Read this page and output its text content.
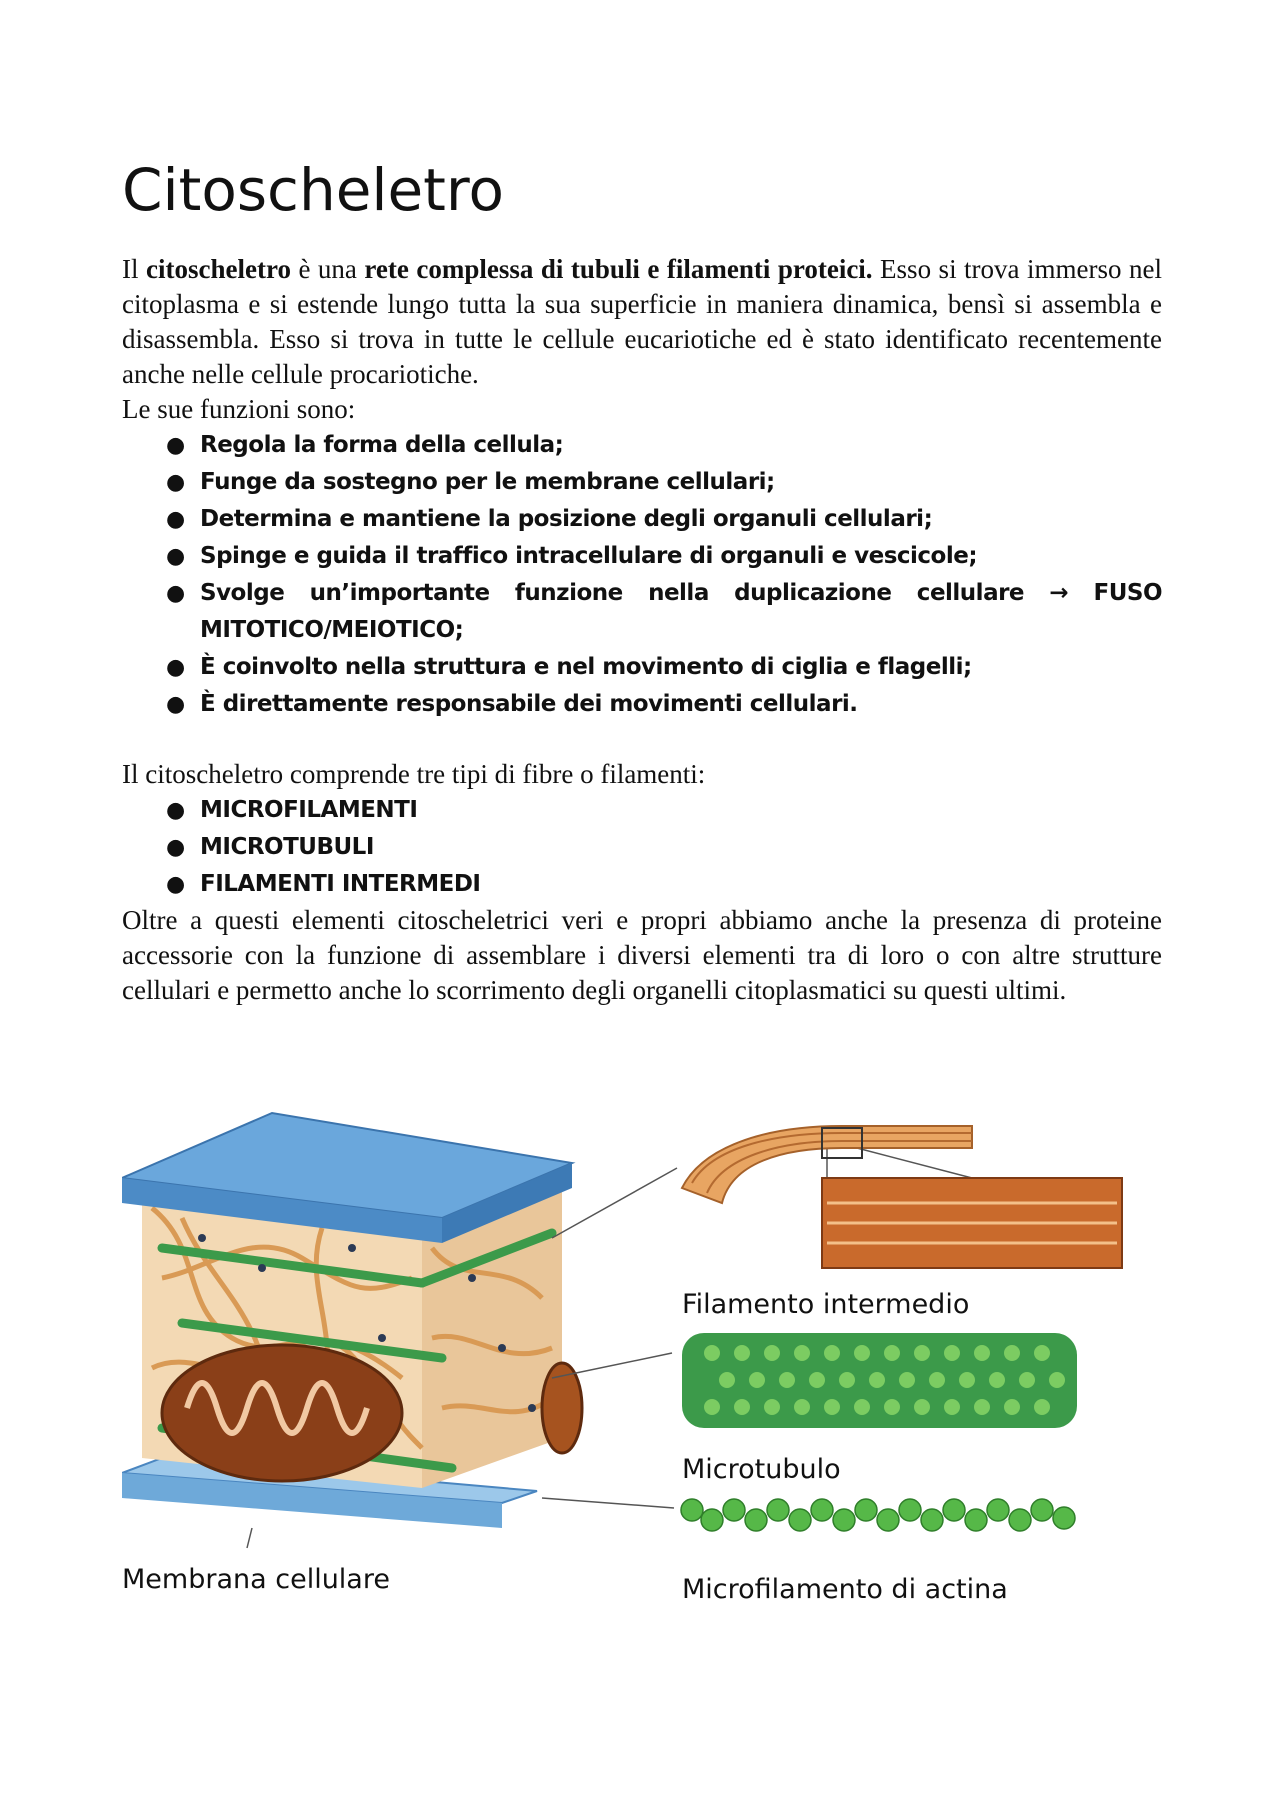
Citoscheletro

Il citoscheletro è una rete complessa di tubuli e filamenti proteici. Esso si trova immerso nel citoplasma e si estende lungo tutta la sua superficie in maniera dinamica, bensì si assembla e disassembla. Esso si trova in tutte le cellule eucariotiche ed è stato identificato recentemente anche nelle cellule procariotiche.

Le sue funzioni sono:

● Regola la forma della cellula;
● Funge da sostegno per le membrane cellulari;
● Determina e mantiene la posizione degli organuli cellulari;
● Spinge e guida il traffico intracellulare di organuli e vescicole;
● Svolge un’importante funzione nella duplicazione cellulare → FUSO MITOTICO/MEIOTICO;
● È coinvolto nella struttura e nel movimento di ciglia e flagelli;
● È direttamente responsabile dei movimenti cellulari.

Il citoscheletro comprende tre tipi di fibre o filamenti:

● MICROFILAMENTI
● MICROTUBULI
● FILAMENTI INTERMEDI

Oltre a questi elementi citoscheletrici veri e propri abbiamo anche la presenza di proteine accessorie con la funzione di assemblare i diversi elementi tra di loro o con altre strutture cellulari e permetto anche lo scorrimento degli organelli citoplasmatici su questi ultimi.

Filamento intermedio
Microtubulo
Membrana cellulare	Microfilamento di actina
